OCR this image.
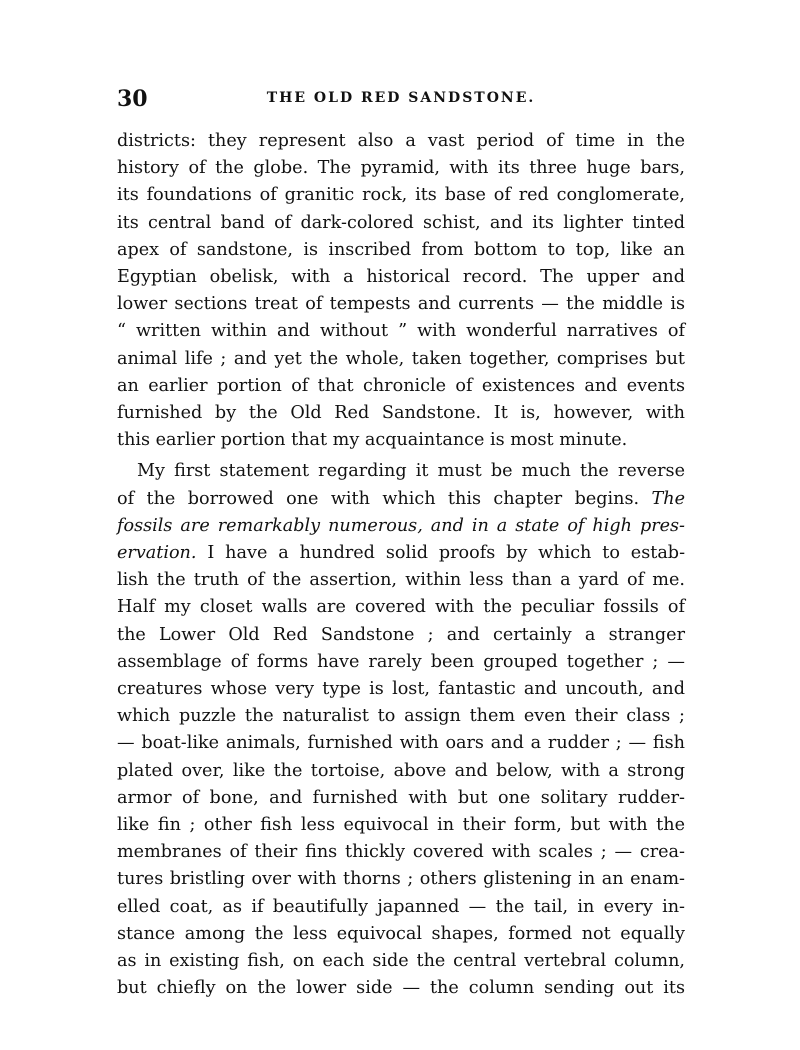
30	THE OLD RED SANDSTONE.

districts: they represent also a vast period of time in the
history of the globe. The pyramid, with its three huge bars,
its foundations of granitic rock, its base of red conglomerate,
its central band of dark-colored schist, and its lighter tinted
apex of sandstone, is inscribed from bottom to top, like an
Egyptian obelisk, with a historical record. The upper and
lower sections treat of tempests and currents — the middle is
“ written within and without ” with wonderful narratives of
animal life ; and yet the whole, taken together, comprises but
an earlier portion of that chronicle of existences and events
furnished by the Old Red Sandstone. It is, however, with
this earlier portion that my acquaintance is most minute.

My first statement regarding it must be much the reverse
of the borrowed one with which this chapter begins. The
fossils are remarkably numerous, and in a state of high pres-
ervation. I have a hundred solid proofs by which to estab-
lish the truth of the assertion, within less than a yard of me.
Half my closet walls are covered with the peculiar fossils of
the Lower Old Red Sandstone ; and certainly a stranger
assemblage of forms have rarely been grouped together ; —
creatures whose very type is lost, fantastic and uncouth, and
which puzzle the naturalist to assign them even their class ;
— boat-like animals, furnished with oars and a rudder ; — fish
plated over, like the tortoise, above and below, with a strong
armor of bone, and furnished with but one solitary rudder-
like fin ; other fish less equivocal in their form, but with the
membranes of their fins thickly covered with scales ; — crea-
tures bristling over with thorns ; others glistening in an enam-
elled coat, as if beautifully japanned — the tail, in every in-
stance among the less equivocal shapes, formed not equally
as in existing fish, on each side the central vertebral column,
but chiefly on the lower side — the column sending out its
